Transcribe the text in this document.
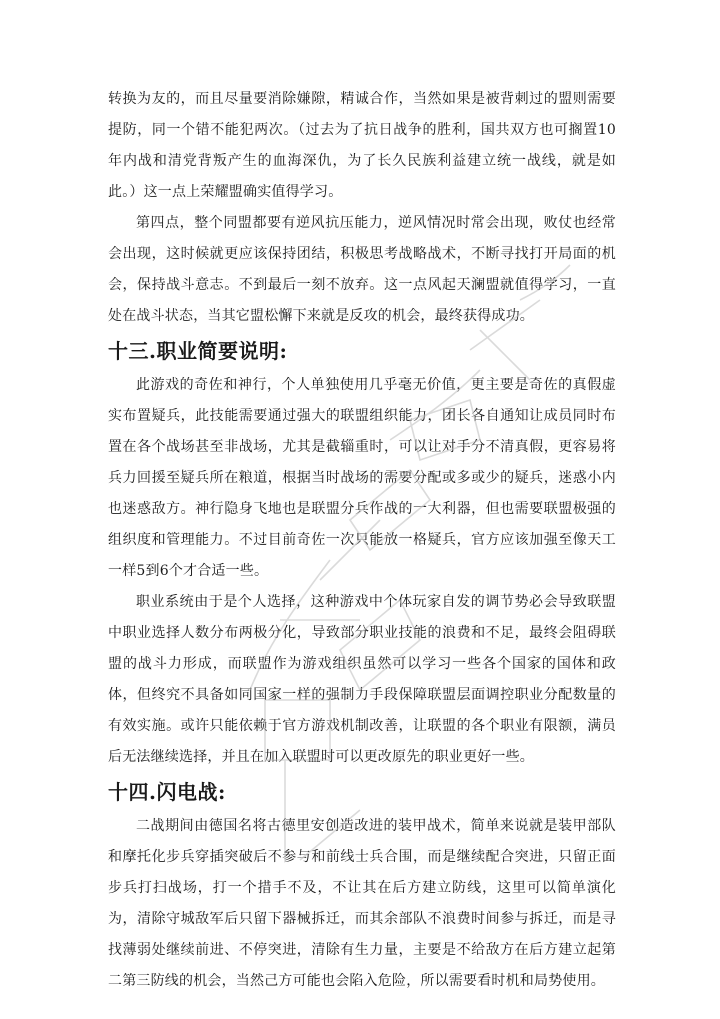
转换为友的，而且尽量要消除嫌隙，精诚合作，当然如果是被背刺过的盟则需要提防，同一个错不能犯两次。（过去为了抗日战争的胜利，国共双方也可搁置10年内战和清党背叛产生的血海深仇，为了长久民族利益建立统一战线，就是如此。）这一点上荣耀盟确实值得学习。

第四点，整个同盟都要有逆风抗压能力，逆风情况时常会出现，败仗也经常会出现，这时候就更应该保持团结，积极思考战略战术，不断寻找打开局面的机会，保持战斗意志。不到最后一刻不放弃。这一点风起天澜盟就值得学习，一直处在战斗状态，当其它盟松懈下来就是反攻的机会，最终获得成功。

十三.职业简要说明:

此游戏的奇佐和神行，个人单独使用几乎毫无价值，更主要是奇佐的真假虚实布置疑兵，此技能需要通过强大的联盟组织能力，团长各自通知让成员同时布置在各个战场甚至非战场，尤其是截辎重时，可以让对手分不清真假，更容易将兵力回援至疑兵所在粮道，根据当时战场的需要分配或多或少的疑兵，迷惑小内也迷惑敌方。神行隐身飞地也是联盟分兵作战的一大利器，但也需要联盟极强的组织度和管理能力。不过目前奇佐一次只能放一格疑兵，官方应该加强至像天工一样5到6个才合适一些。

职业系统由于是个人选择，这种游戏中个体玩家自发的调节势必会导致联盟中职业选择人数分布两极分化，导致部分职业技能的浪费和不足，最终会阻碍联盟的战斗力形成，而联盟作为游戏组织虽然可以学习一些各个国家的国体和政体，但终究不具备如同国家一样的强制力手段保障联盟层面调控职业分配数量的有效实施。或许只能依赖于官方游戏机制改善，让联盟的各个职业有限额，满员后无法继续选择，并且在加入联盟时可以更改原先的职业更好一些。

十四.闪电战:

二战期间由德国名将古德里安创造改进的装甲战术，简单来说就是装甲部队和摩托化步兵穿插突破后不参与和前线士兵合围，而是继续配合突进，只留正面步兵打扫战场，打一个措手不及，不让其在后方建立防线，这里可以简单演化为，清除守城敌军后只留下器械拆迁，而其余部队不浪费时间参与拆迁，而是寻找薄弱处继续前进、不停突进，清除有生力量，主要是不给敌方在后方建立起第二第三防线的机会，当然己方可能也会陷入危险，所以需要看时机和局势使用。
